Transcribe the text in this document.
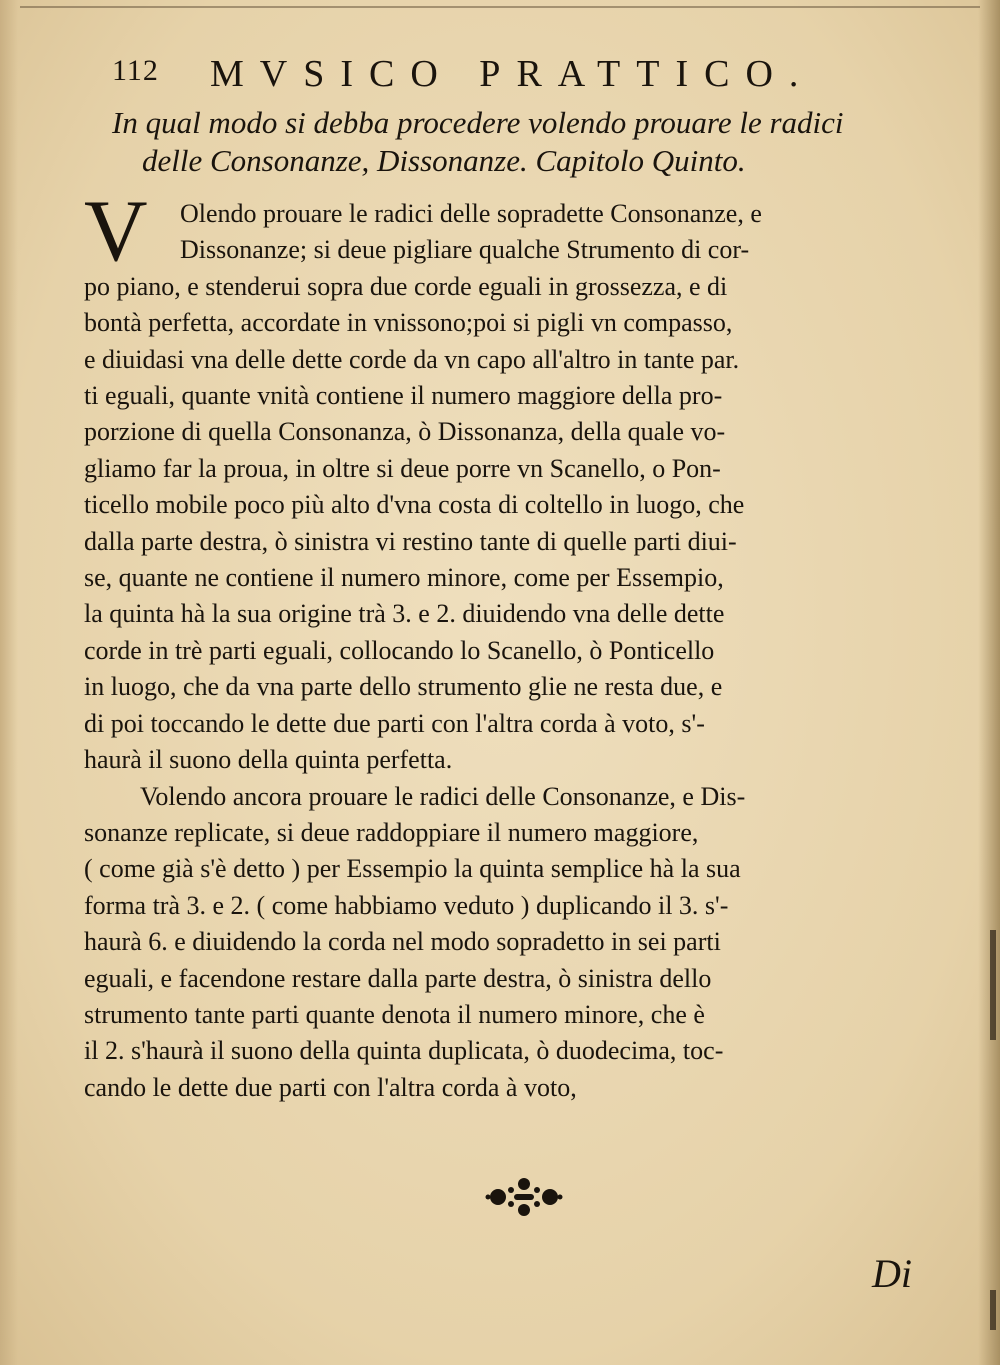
112 MVSICO PRATTICO.
In qual modo si debba procedere volendo prouare le radici
delle Consonanze, Dissonanze. Capitolo Quinto.
V	Olendo prouare le radici delle sopradette Consonanze, e
Dissonanze; si deue pigliare qualche Strumento di cor-
po piano, e stenderui sopra due corde eguali in grossezza, e di
bontà perfetta, accordate in vnissono;poi si pigli vn compasso,
e diuidasi vna delle dette corde da vn capo all'altro in tante par.
ti eguali, quante vnità contiene il numero maggiore della pro-
porzione di quella Consonanza, ò Dissonanza, della quale vo-
gliamo far la proua, in oltre si deue porre vn Scanello, o Pon-
ticello mobile poco più alto d'vna costa di coltello in luogo, che
dalla parte destra, ò sinistra vi restino tante di quelle parti diui-
se, quante ne contiene il numero minore, come per Essempio,
la quinta hà la sua origine trà 3. e 2. diuidendo vna delle dette
corde in trè parti eguali, collocando lo Scanello, ò Ponticello
in luogo, che da vna parte dello strumento glie ne resta due, e
di poi toccando le dette due parti con l'altra corda à voto, s'-
haurà il suono della quinta perfetta.
Volendo ancora prouare le radici delle Consonanze, e Dis-
sonanze replicate, si deue raddoppiare il numero maggiore,
( come già s'è detto ) per Essempio la quinta semplice hà la sua
forma trà 3. e 2. ( come habbiamo veduto ) duplicando il 3. s'-
haurà 6. e diuidendo la corda nel modo sopradetto in sei parti
eguali, e facendone restare dalla parte destra, ò sinistra dello
strumento tante parti quante denota il numero minore, che è
il 2. s'haurà il suono della quinta duplicata, ò duodecima, toc-
cando le dette due parti con l'altra corda à voto,
Di
